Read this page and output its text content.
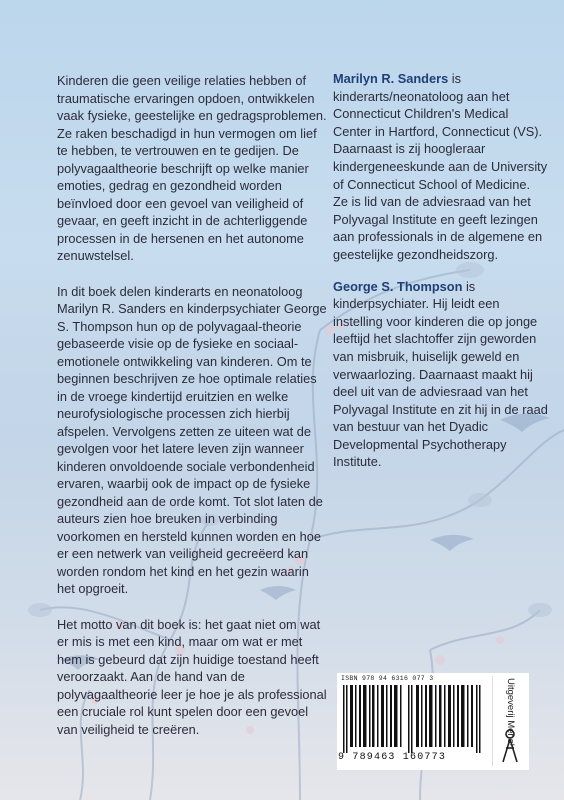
Kinderen die geen veilige relaties hebben of traumatische ervaringen opdoen, ontwikkelen vaak fysieke, geestelijke en gedragsproblemen. Ze raken beschadigd in hun vermogen om lief te hebben, te vertrouwen en te gedijen. De polyvagaaltheorie beschrijft op welke manier emoties, gedrag en gezondheid worden beïnvloed door een gevoel van veiligheid of gevaar, en geeft inzicht in de achterliggende processen in de hersenen en het autonome zenuwstelsel.

In dit boek delen kinderarts en neonatoloog Marilyn R. Sanders en kinderpsychiater George S. Thompson hun op de polyvagaal-theorie gebaseerde visie op de fysieke en sociaal-emotionele ontwikkeling van kinderen. Om te beginnen beschrijven ze hoe optimale relaties in de vroege kindertijd eruitzien en welke neurofysiologische processen zich hierbij afspelen. Vervolgens zetten ze uiteen wat de gevolgen voor het latere leven zijn wanneer kinderen onvoldoende sociale verbondenheid ervaren, waarbij ook de impact op de fysieke gezondheid aan de orde komt. Tot slot laten de auteurs zien hoe breuken in verbinding voorkomen en hersteld kunnen worden en hoe er een netwerk van veiligheid gecreëerd kan worden rondom het kind en het gezin waarin het opgroeit.

Het motto van dit boek is: het gaat niet om wat er mis is met een kind, maar om wat er met hem is gebeurd dat zijn huidige toestand heeft veroorzaakt. Aan de hand van de polyvagaaltheorie leer je hoe je als professional een cruciale rol kunt spelen door een gevoel van veiligheid te creëren.

Marilyn R. Sanders is kinderarts/neonatoloog aan het Connecticut Children's Medical Center in Hartford, Connecticut (VS). Daarnaast is zij hoogleraar kindergeneeskunde aan de University of Connecticut School of Medicine. Ze is lid van de adviesraad van het Polyvagal Institute en geeft lezingen aan professionals in de algemene en geestelijke gezondheidszorg.

George S. Thompson is kinderpsychiater. Hij leidt een instelling voor kinderen die op jonge leeftijd het slachtoffer zijn geworden van misbruik, huiselijk geweld en verwaarlozing. Daarnaast maakt hij deel uit van de adviesraad van het Polyvagal Institute en zit hij in de raad van bestuur van het Dyadic Developmental Psychotherapy Institute.

ISBN 978 94 6316 077 3
9 789463 160773
Uitgeverij Mens!
